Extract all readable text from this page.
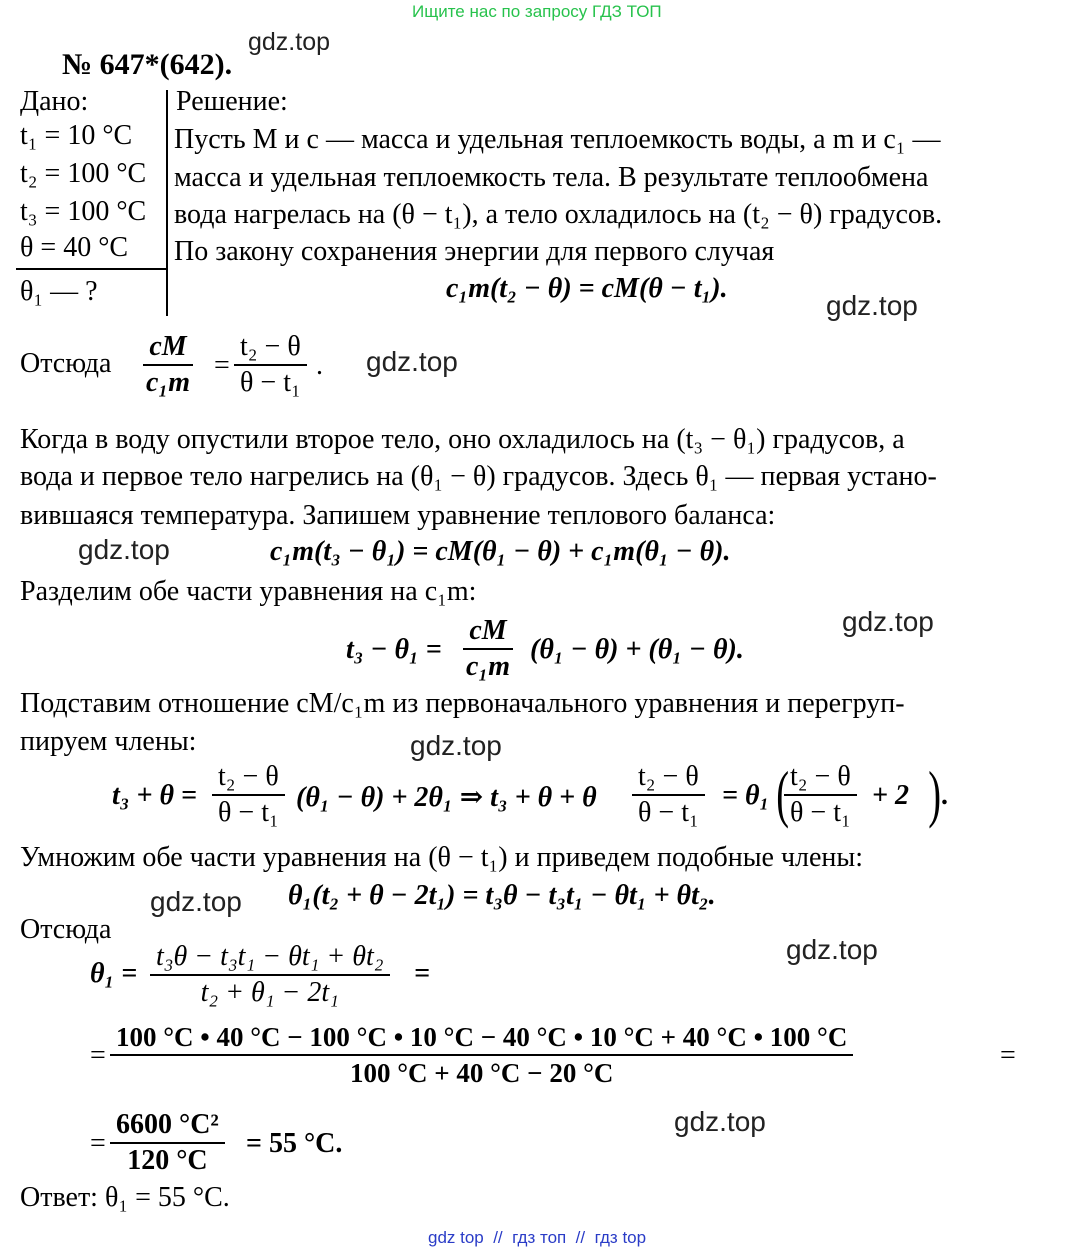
Ищите нас по запросу ГДЗ ТОП
№ 647*(642).
Дано:
t₁ = 10 °C
t₂ = 100 °C
t₃ = 100 °C
θ = 40 °C
θ₁ — ?
Решение:
Пусть M и c — масса и удельная теплоемкость воды, а m и c₁ —
масса и удельная теплоемкость тела. В результате теплообмена
вода нагрелась на (θ − t₁), а тело охладилось на (t₂ − θ) градусов.
По закону сохранения энергии для первого случая
c₁m(t₂ − θ) = cM(θ − t₁).
Отсюда $\frac{cM}{\text{c₁m}} = \frac{\text{t₂ − θ}}{\text{θ − t₁}}$ .
Когда в воду опустили второе тело, оно охладилось на (t₃ − θ₁) градусов, а
вода и первое тело нагрелись на (θ₁ − θ) градусов. Здесь θ₁ — первая устано-
вившаяся температура. Запишем уравнение теплового баланса:
c₁m(t₃ − θ₁) = cM(θ₁ − θ) + c₁m(θ₁ − θ).
Разделим обе части уравнения на c₁m:
$t_3 - \theta_1 = \frac{cM}{\text{c₁m}} (\theta_1 - \theta) + (\theta_1 - \theta)$.
Подставим отношение cM/c₁m из первоначального уравнения и перегруп-
пируем члены:
$t_3 + \theta = \frac{\text{t₂ − θ}}{\text{θ − t₁}} (\theta_1 - \theta) + 2\theta_1$ ⇒ t₃ + θ + θ $\frac{\text{t₂ − θ}}{\text{θ − t₁}} = \theta_1$ (
$\frac{\text{t₂ − θ}}{\text{θ − t₁}} + 2$ ) .
Умножим обе части уравнения на (θ − t₁) и приведем подобные члены:
θ₁(t₂ + θ − 2t₁) = t₃θ − t₃t₁ − θt₁ + θt₂.
Отсюда
$\theta_1 = \frac{\text{t₃θ − t₃t₁ − θt₁ + θt₂}}{\text{t₂ + θ₁ − 2t₁}}$ =
=
100 °C • 40 °C − 100 °C • 10 °C − 40 °C • 10 °C + 40 °C • 100 °C
100 °C + 40 °C − 20 °C
=
= $\frac{\text{6600 °C²}}{120 ^\circ C} = 55$ °C.
Ответ: θ₁ = 55 °C.
gdz.top
gdz.top
gdz.top
gdz.top
gdz.top
gdz.top
gdz.top
gdz.top
gdz.top
gdz top  //  гдз топ  //  гдз top
